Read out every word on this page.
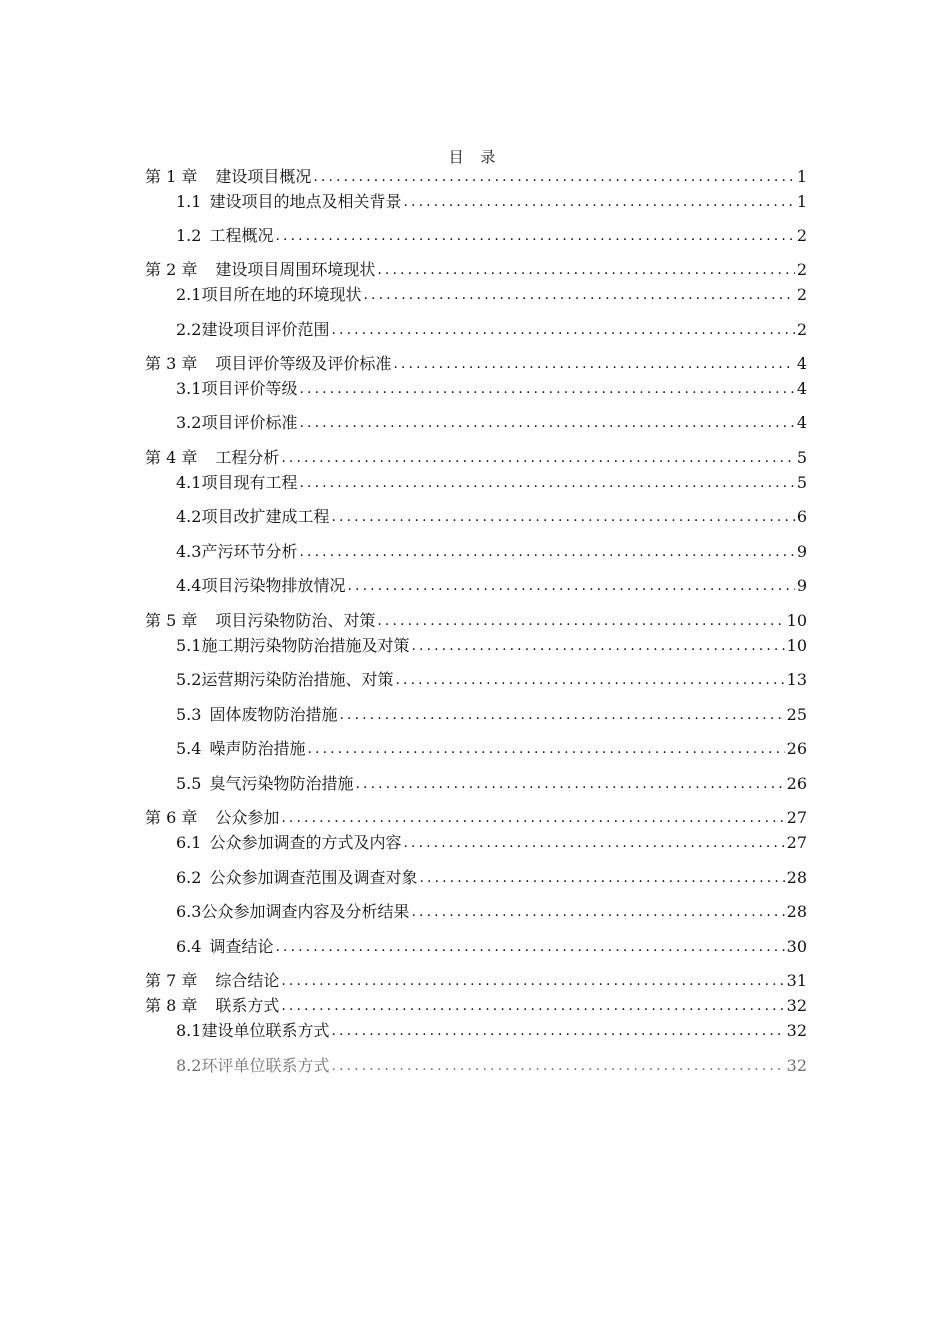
目 录
第 1 章 建设项目概况 .....	1
1.1 建设项目的地点及相关背景 .....	1
1.2 工程概况 .....	2
第 2 章 建设项目周围环境现状 .....	2
2.1项目所在地的环境现状 .....	2
2.2建设项目评价范围 .....	2
第 3 章 项目评价等级及评价标准 .....	4
3.1项目评价等级 .....	4
3.2项目评价标准 .....	4
第 4 章 工程分析 .....	5
4.1项目现有工程 .....	5
4.2项目改扩建成工程 .....	6
4.3产污环节分析 .....	9
4.4项目污染物排放情况 .....	9
第 5 章 项目污染物防治、对策 .....	10
5.1施工期污染物防治措施及对策 .....	10
5.2运营期污染防治措施、对策 .....	13
5.3 固体废物防治措施 .....	25
5.4 噪声防治措施 .....	26
5.5 臭气污染物防治措施 .....	26
第 6 章 公众参加 .....	27
6.1 公众参加调查的方式及内容 .....	27
6.2 公众参加调查范围及调查对象 .....	28
6.3公众参加调查内容及分析结果 .....	28
6.4 调查结论 .....	30
第 7 章 综合结论 .....	31
第 8 章 联系方式 .....	32
8.1建设单位联系方式 .....	32
8.2环评单位联系方式 .....	32
